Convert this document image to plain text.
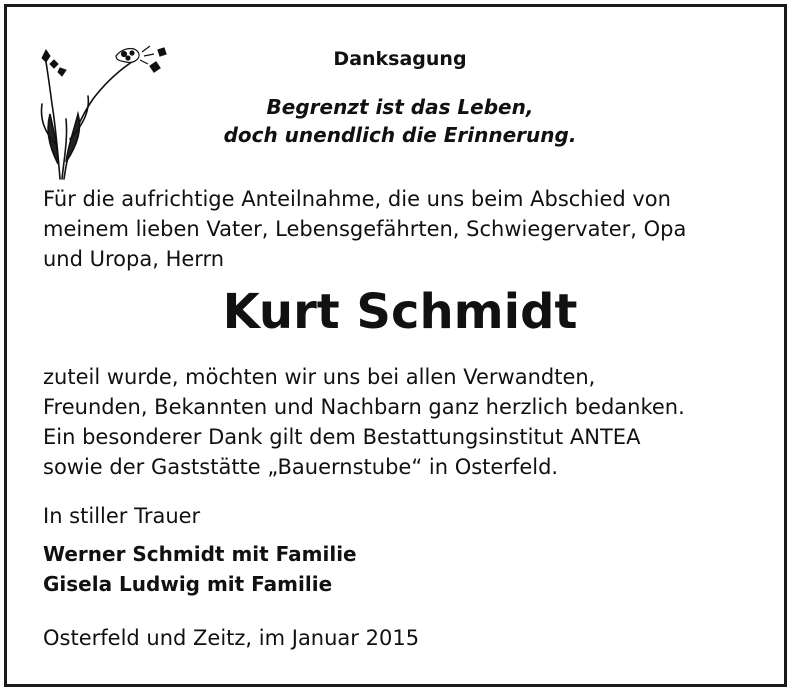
Danksagung
Begrenzt ist das Leben,
doch unendlich die Erinnerung.
Für die aufrichtige Anteilnahme, die uns beim Abschied von
meinem lieben Vater, Lebensgefährten, Schwiegervater, Opa
und Uropa, Herrn
Kurt Schmidt
zuteil wurde, möchten wir uns bei allen Verwandten,
Freunden, Bekannten und Nachbarn ganz herzlich bedanken.
Ein besonderer Dank gilt dem Bestattungsinstitut ANTEA
sowie der Gaststätte „Bauernstube“ in Osterfeld.
In stiller Trauer
Werner Schmidt mit Familie
Gisela Ludwig mit Familie
Osterfeld und Zeitz, im Januar 2015
